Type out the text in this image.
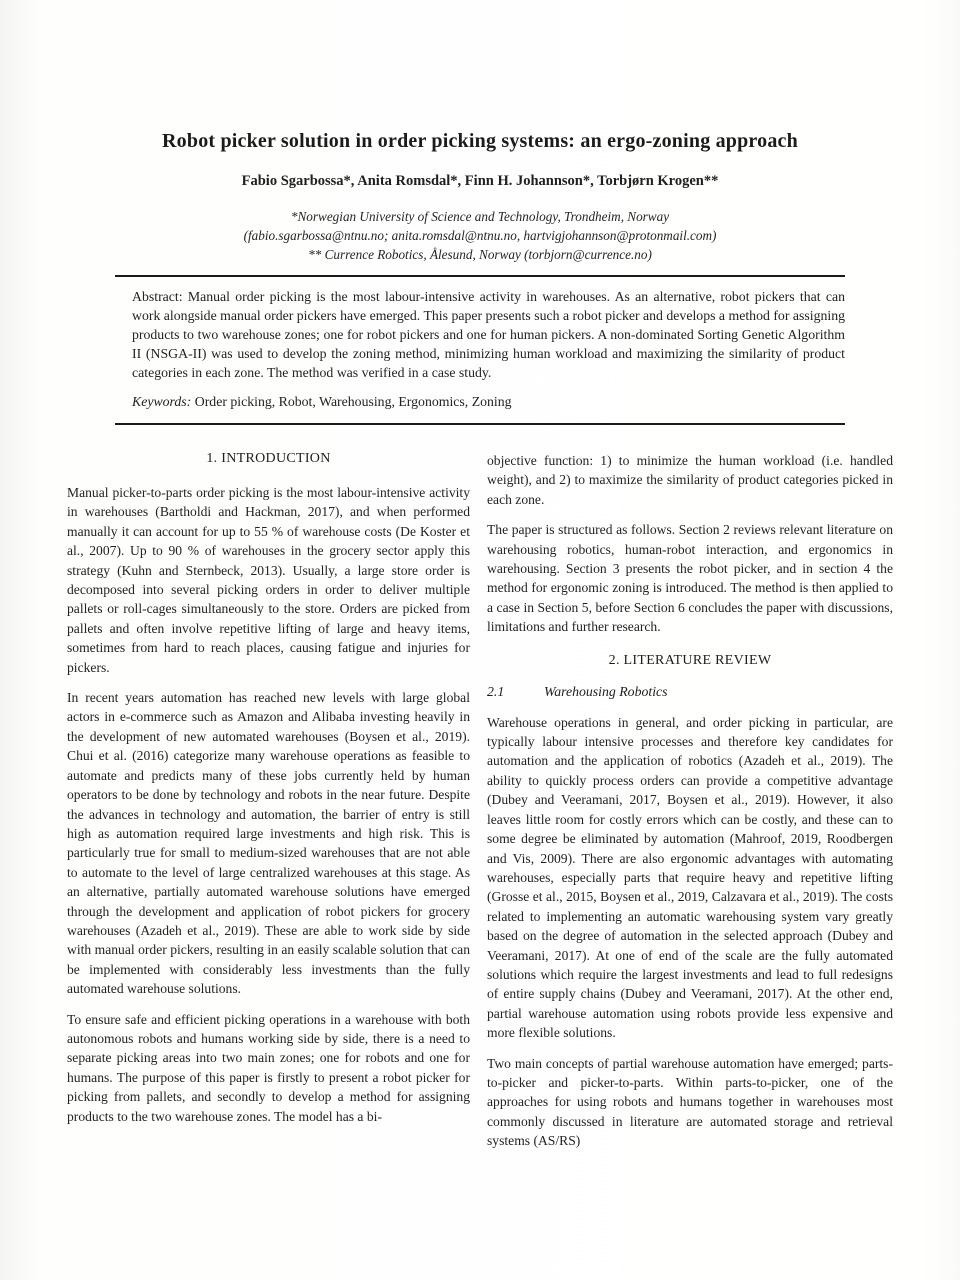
Robot picker solution in order picking systems: an ergo-zoning approach
Fabio Sgarbossa*, Anita Romsdal*, Finn H. Johannson*, Torbjørn Krogen**
*Norwegian University of Science and Technology, Trondheim, Norway
(fabio.sgarbossa@ntnu.no; anita.romsdal@ntnu.no, hartvigjohannson@protonmail.com)
** Currence Robotics, Ålesund, Norway (torbjorn@currence.no)
Abstract: Manual order picking is the most labour-intensive activity in warehouses. As an alternative, robot pickers that can work alongside manual order pickers have emerged. This paper presents such a robot picker and develops a method for assigning products to two warehouse zones; one for robot pickers and one for human pickers. A non-dominated Sorting Genetic Algorithm II (NSGA-II) was used to develop the zoning method, minimizing human workload and maximizing the similarity of product categories in each zone. The method was verified in a case study.
Keywords: Order picking, Robot, Warehousing, Ergonomics, Zoning
1. INTRODUCTION

Manual picker-to-parts order picking is the most labour-intensive activity in warehouses (Bartholdi and Hackman, 2017), and when performed manually it can account for up to 55 % of warehouse costs (De Koster et al., 2007). Up to 90 % of warehouses in the grocery sector apply this strategy (Kuhn and Sternbeck, 2013). Usually, a large store order is decomposed into several picking orders in order to deliver multiple pallets or roll-cages simultaneously to the store. Orders are picked from pallets and often involve repetitive lifting of large and heavy items, sometimes from hard to reach places, causing fatigue and injuries for pickers.

In recent years automation has reached new levels with large global actors in e-commerce such as Amazon and Alibaba investing heavily in the development of new automated warehouses (Boysen et al., 2019). Chui et al. (2016) categorize many warehouse operations as feasible to automate and predicts many of these jobs currently held by human operators to be done by technology and robots in the near future. Despite the advances in technology and automation, the barrier of entry is still high as automation required large investments and high risk. This is particularly true for small to medium-sized warehouses that are not able to automate to the level of large centralized warehouses at this stage. As an alternative, partially automated warehouse solutions have emerged through the development and application of robot pickers for grocery warehouses (Azadeh et al., 2019). These are able to work side by side with manual order pickers, resulting in an easily scalable solution that can be implemented with considerably less investments than the fully automated warehouse solutions.

To ensure safe and efficient picking operations in a warehouse with both autonomous robots and humans working side by side, there is a need to separate picking areas into two main zones; one for robots and one for humans. The purpose of this paper is firstly to present a robot picker for picking from pallets, and secondly to develop a method for assigning products to the two warehouse zones. The model has a bi-

objective function: 1) to minimize the human workload (i.e. handled weight), and 2) to maximize the similarity of product categories picked in each zone.

The paper is structured as follows. Section 2 reviews relevant literature on warehousing robotics, human-robot interaction, and ergonomics in warehousing. Section 3 presents the robot picker, and in section 4 the method for ergonomic zoning is introduced. The method is then applied to a case in Section 5, before Section 6 concludes the paper with discussions, limitations and further research.

2. LITERATURE REVIEW
2.1	Warehousing Robotics

Warehouse operations in general, and order picking in particular, are typically labour intensive processes and therefore key candidates for automation and the application of robotics (Azadeh et al., 2019). The ability to quickly process orders can provide a competitive advantage (Dubey and Veeramani, 2017, Boysen et al., 2019). However, it also leaves little room for costly errors which can be costly, and these can to some degree be eliminated by automation (Mahroof, 2019, Roodbergen and Vis, 2009). There are also ergonomic advantages with automating warehouses, especially parts that require heavy and repetitive lifting (Grosse et al., 2015, Boysen et al., 2019, Calzavara et al., 2019). The costs related to implementing an automatic warehousing system vary greatly based on the degree of automation in the selected approach (Dubey and Veeramani, 2017). At one of end of the scale are the fully automated solutions which require the largest investments and lead to full redesigns of entire supply chains (Dubey and Veeramani, 2017). At the other end, partial warehouse automation using robots provide less expensive and more flexible solutions.

Two main concepts of partial warehouse automation have emerged; parts-to-picker and picker-to-parts. Within parts-to-picker, one of the approaches for using robots and humans together in warehouses most commonly discussed in literature are automated storage and retrieval systems (AS/RS)
